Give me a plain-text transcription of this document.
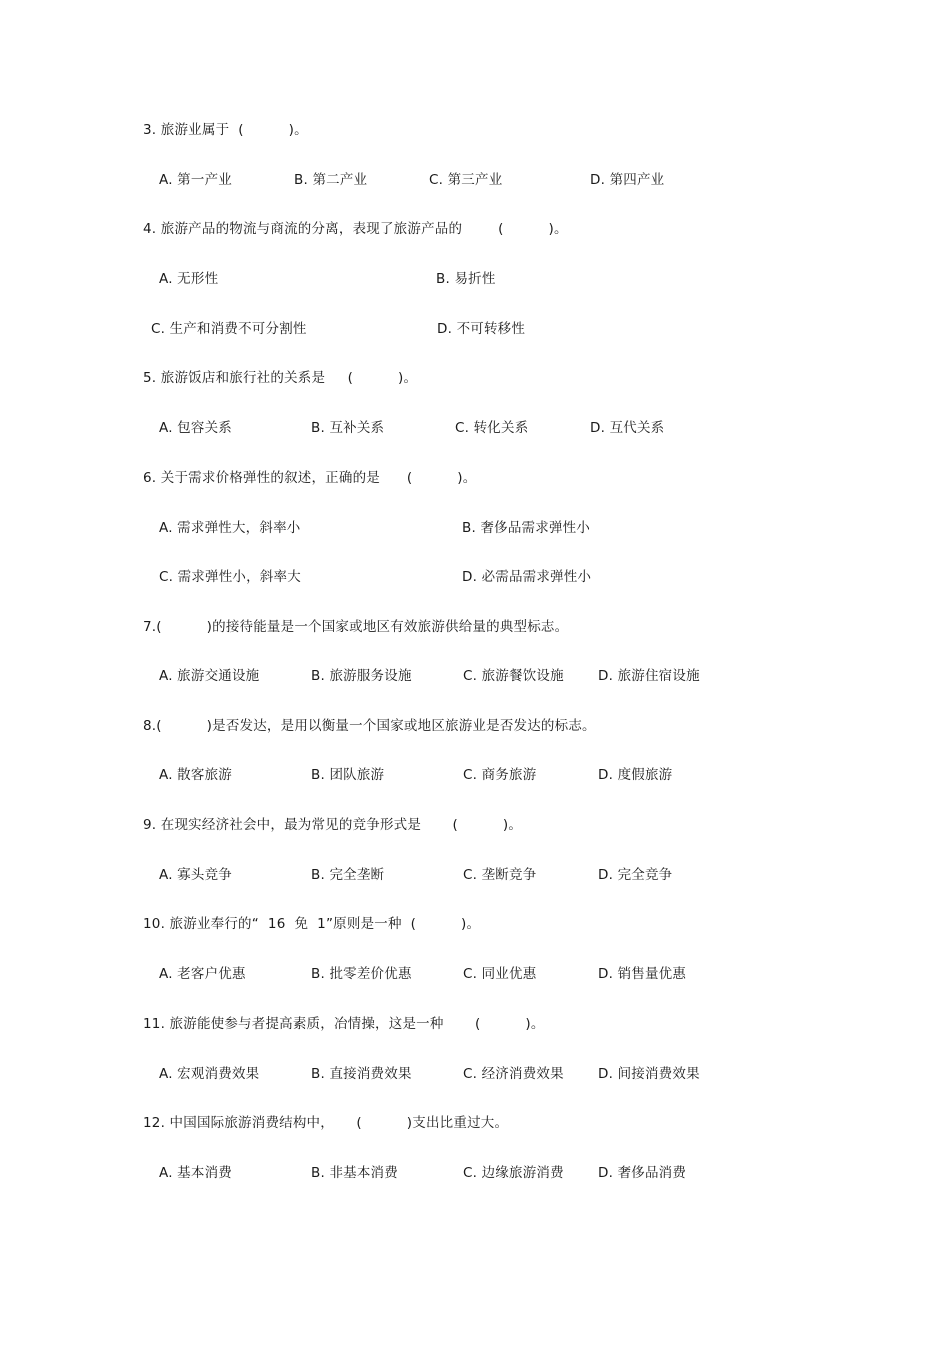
3. 旅游业属于  (          )。
A. 第一产业	B. 第二产业	C. 第三产业	D. 第四产业
4. 旅游产品的物流与商流的分离，表现了旅游产品的        (          )。
A. 无形性	B. 易折性
C. 生产和消费不可分割性	D. 不可转移性
5. 旅游饭店和旅行社的关系是     (          )。
A. 包容关系	B. 互补关系	C. 转化关系	D. 互代关系
6. 关于需求价格弹性的叙述，正确的是      (          )。
A. 需求弹性大，斜率小	B. 奢侈品需求弹性小
C. 需求弹性小，斜率大	D. 必需品需求弹性小
7.(          )的接待能量是一个国家或地区有效旅游供给量的典型标志。
A. 旅游交通设施	B. 旅游服务设施	C. 旅游餐饮设施	D. 旅游住宿设施
8.(          )是否发达，是用以衡量一个国家或地区旅游业是否发达的标志。
A. 散客旅游	B. 团队旅游	C. 商务旅游	D. 度假旅游
9. 在现实经济社会中，最为常见的竞争形式是       (          )。
A. 寡头竞争	B. 完全垄断	C. 垄断竞争	D. 完全竞争
10. 旅游业奉行的“  16  免  1”原则是一种  (          )。
A. 老客户优惠	B. 批零差价优惠	C. 同业优惠	D. 销售量优惠
11. 旅游能使参与者提高素质，冶情操，这是一种       (          )。
A. 宏观消费效果	B. 直接消费效果	C. 经济消费效果	D. 间接消费效果
12. 中国国际旅游消费结构中，     (          )支出比重过大。
A. 基本消费	B. 非基本消费	C. 边缘旅游消费	D. 奢侈品消费
